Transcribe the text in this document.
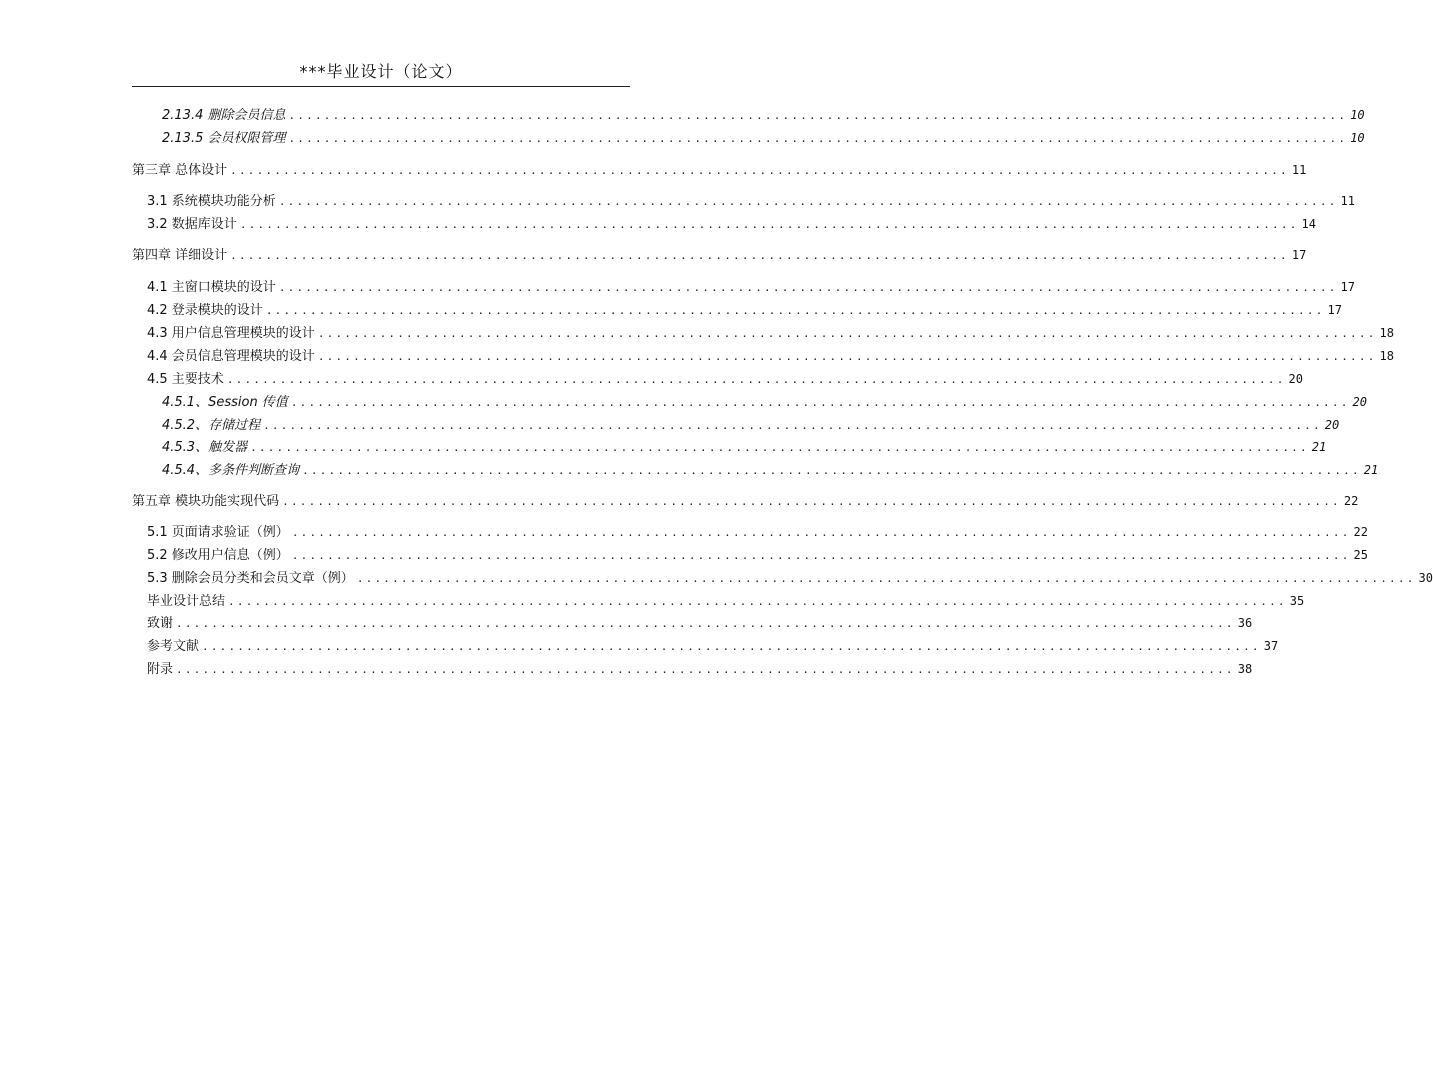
***毕业设计（论文）
2.13.4 删除会员信息 ........................................................................................................................ 10
2.13.5 会员权限管理 ........................................................................................................................ 10
第三章 总体设计 ........................................................................................................................ 11
3.1 系统模块功能分析 ........................................................................................................................ 11
3.2 数据库设计 ........................................................................................................................ 14
第四章 详细设计 ........................................................................................................................ 17
4.1 主窗口模块的设计 ........................................................................................................................ 17
4.2 登录模块的设计 ........................................................................................................................ 17
4.3 用户信息管理模块的设计 ........................................................................................................................ 18
4.4 会员信息管理模块的设计 ........................................................................................................................ 18
4.5 主要技术 ........................................................................................................................ 20
4.5.1、Session 传值 ........................................................................................................................ 20
4.5.2、存储过程 ........................................................................................................................ 20
4.5.3、触发器 ........................................................................................................................ 21
4.5.4、多条件判断查询 ........................................................................................................................ 21
第五章 模块功能实现代码 ........................................................................................................................ 22
5.1 页面请求验证（例） ........................................................................................................................ 22
5.2 修改用户信息（例） ........................................................................................................................ 25
5.3 删除会员分类和会员文章（例） ........................................................................................................................ 30
毕业设计总结 ........................................................................................................................ 35
致谢 ........................................................................................................................ 36
参考文献 ........................................................................................................................ 37
附录 ........................................................................................................................ 38
